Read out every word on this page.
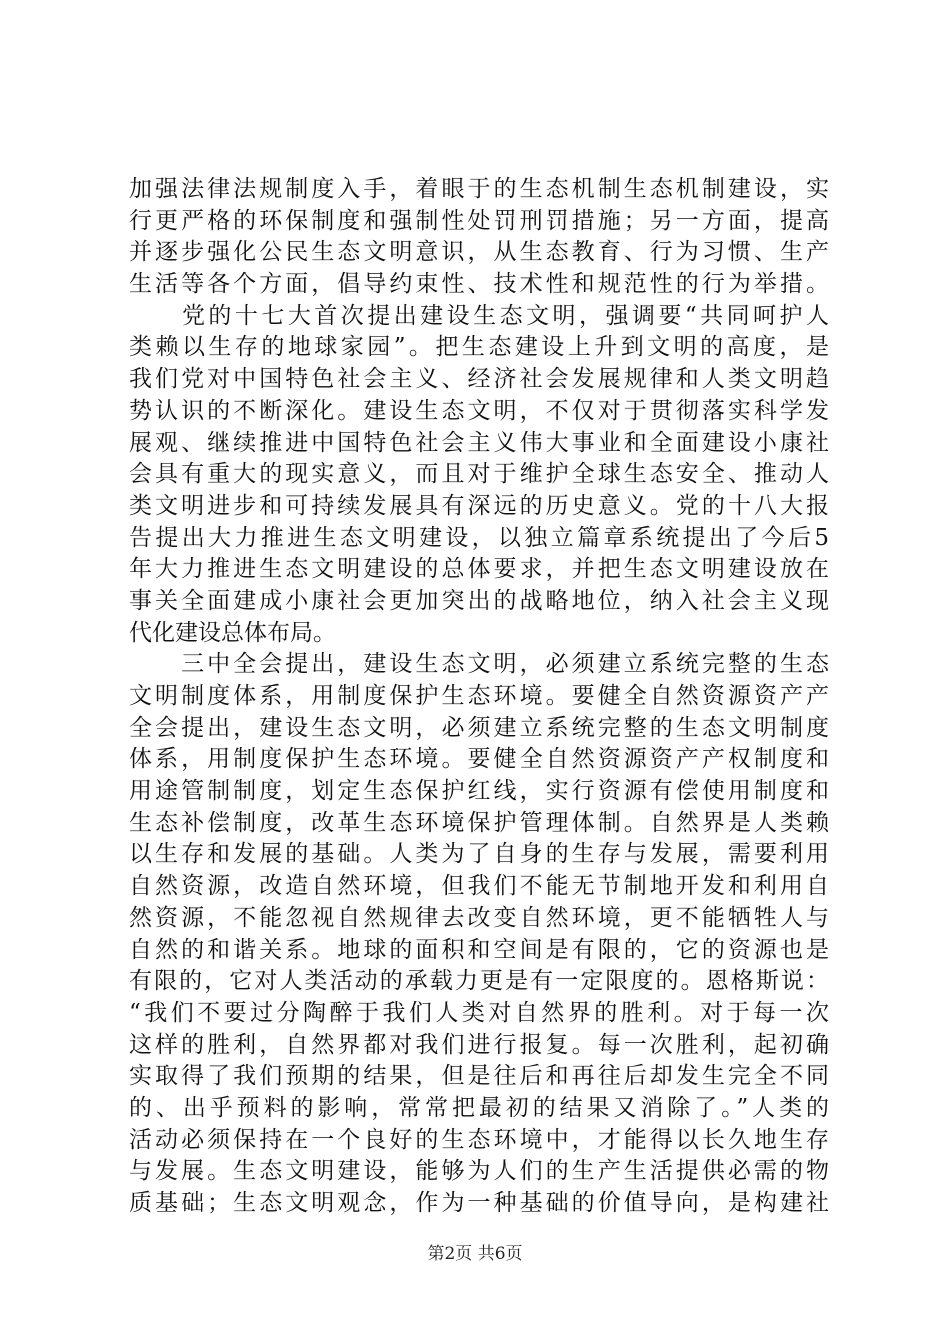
加强法律法规制度入手，着眼于的生态机制生态机制建设，实
行更严格的环保制度和强制性处罚刑罚措施；另一方面，提高
并逐步强化公民生态文明意识，从生态教育、行为习惯、生产
生活等各个方面，倡导约束性、技术性和规范性的行为举措。
　　党的十七大首次提出建设生态文明，强调要“共同呵护人
类赖以生存的地球家园”。把生态建设上升到文明的高度，是
我们党对中国特色社会主义、经济社会发展规律和人类文明趋
势认识的不断深化。建设生态文明，不仅对于贯彻落实科学发
展观、继续推进中国特色社会主义伟大事业和全面建设小康社
会具有重大的现实意义，而且对于维护全球生态安全、推动人
类文明进步和可持续发展具有深远的历史意义。党的十八大报
告提出大力推进生态文明建设，以独立篇章系统提出了今后5
年大力推进生态文明建设的总体要求，并把生态文明建设放在
事关全面建成小康社会更加突出的战略地位，纳入社会主义现
代化建设总体布局。
　　三中全会提出，建设生态文明，必须建立系统完整的生态
文明制度体系，用制度保护生态环境。要健全自然资源资产产
全会提出，建设生态文明，必须建立系统完整的生态文明制度
体系，用制度保护生态环境。要健全自然资源资产产权制度和
用途管制制度，划定生态保护红线，实行资源有偿使用制度和
生态补偿制度，改革生态环境保护管理体制。自然界是人类赖
以生存和发展的基础。人类为了自身的生存与发展，需要利用
自然资源，改造自然环境，但我们不能无节制地开发和利用自
然资源，不能忽视自然规律去改变自然环境，更不能牺牲人与
自然的和谐关系。地球的面积和空间是有限的，它的资源也是
有限的，它对人类活动的承载力更是有一定限度的。恩格斯说：
“我们不要过分陶醉于我们人类对自然界的胜利。对于每一次
这样的胜利，自然界都对我们进行报复。每一次胜利，起初确
实取得了我们预期的结果，但是往后和再往后却发生完全不同
的、出乎预料的影响，常常把最初的结果又消除了。”人类的
活动必须保持在一个良好的生态环境中，才能得以长久地生存
与发展。生态文明建设，能够为人们的生产生活提供必需的物
质基础；生态文明观念，作为一种基础的价值导向，是构建社
第2页 共6页
